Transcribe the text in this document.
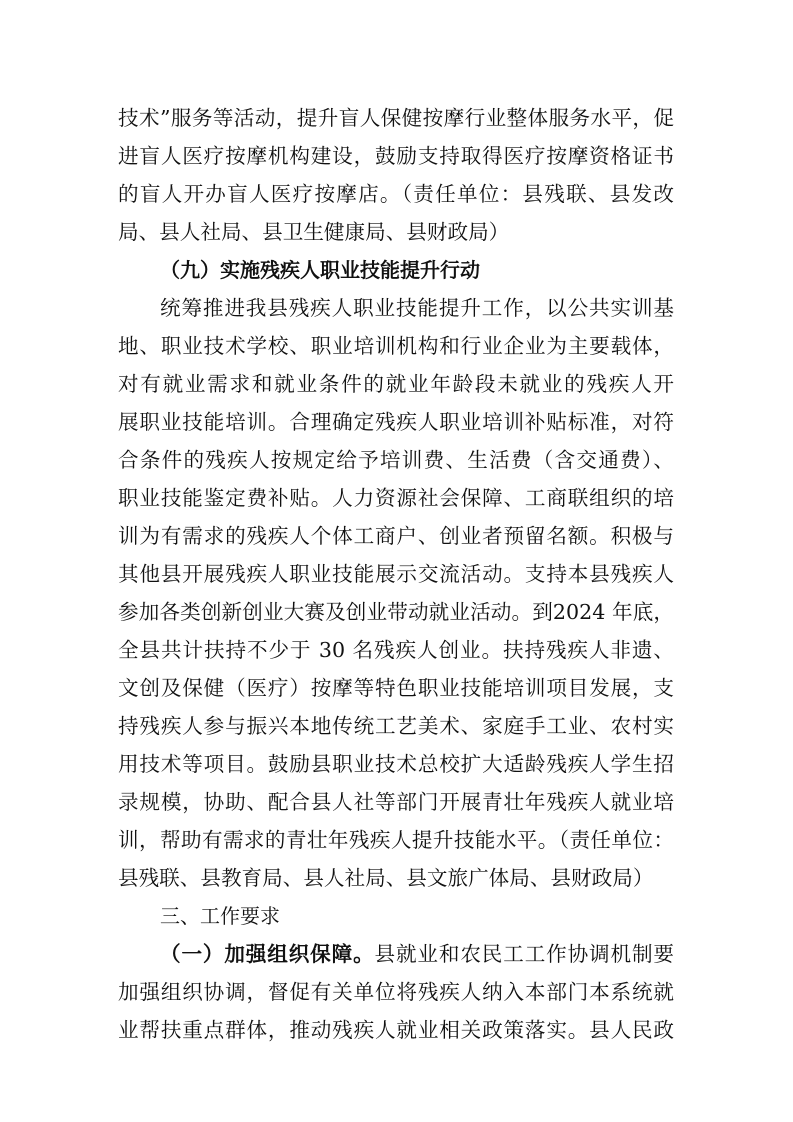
技术”服务等活动，提升盲人保健按摩行业整体服务水平，促
进盲人医疗按摩机构建设，鼓励支持取得医疗按摩资格证书
的盲人开办盲人医疗按摩店。（责任单位：县残联、县发改
局、县人社局、县卫生健康局、县财政局）
（九）实施残疾人职业技能提升行动
统筹推进我县残疾人职业技能提升工作，以公共实训基
地、职业技术学校、职业培训机构和行业企业为主要载体，
对有就业需求和就业条件的就业年龄段未就业的残疾人开
展职业技能培训。合理确定残疾人职业培训补贴标准，对符
合条件的残疾人按规定给予培训费、生活费（含交通费）、
职业技能鉴定费补贴。人力资源社会保障、工商联组织的培
训为有需求的残疾人个体工商户、创业者预留名额。积极与
其他县开展残疾人职业技能展示交流活动。支持本县残疾人
参加各类创新创业大赛及创业带动就业活动。到2024 年底，
全县共计扶持不少于 30 名残疾人创业。扶持残疾人非遗、
文创及保健（医疗）按摩等特色职业技能培训项目发展，支
持残疾人参与振兴本地传统工艺美术、家庭手工业、农村实
用技术等项目。鼓励县职业技术总校扩大适龄残疾人学生招
录规模，协助、配合县人社等部门开展青壮年残疾人就业培
训，帮助有需求的青壮年残疾人提升技能水平。（责任单位：
县残联、县教育局、县人社局、县文旅广体局、县财政局）
三、工作要求
（一）加强组织保障。县就业和农民工工作协调机制要
加强组织协调，督促有关单位将残疾人纳入本部门本系统就
业帮扶重点群体，推动残疾人就业相关政策落实。县人民政
